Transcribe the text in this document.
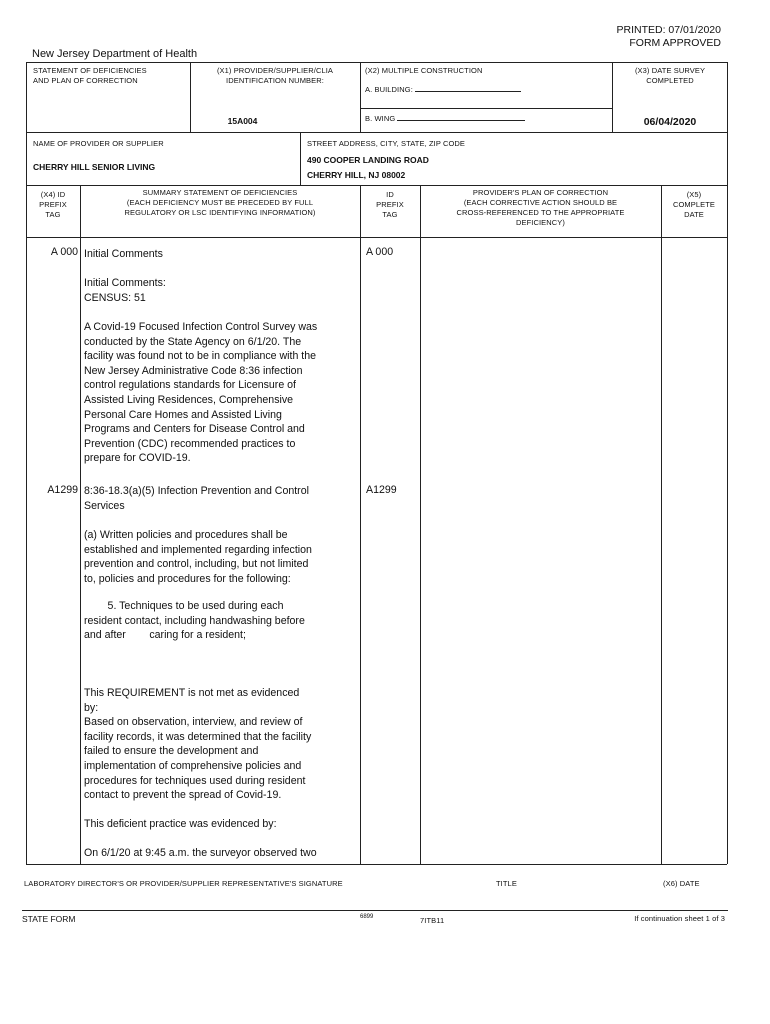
PRINTED: 07/01/2020
FORM APPROVED
New Jersey Department of Health
STATEMENT OF DEFICIENCIES
AND PLAN OF CORRECTION
(X1) PROVIDER/SUPPLIER/CLIA
IDENTIFICATION NUMBER:
15A004
(X2) MULTIPLE CONSTRUCTION
A. BUILDING:
B. WING
(X3) DATE SURVEY
COMPLETED
06/04/2020
NAME OF PROVIDER OR SUPPLIER
CHERRY HILL SENIOR LIVING
STREET ADDRESS, CITY, STATE, ZIP CODE
490 COOPER LANDING ROAD
CHERRY HILL, NJ 08002
(X4) ID
PREFIX
TAG
SUMMARY STATEMENT OF DEFICIENCIES
(EACH DEFICIENCY MUST BE PRECEDED BY FULL
REGULATORY OR LSC IDENTIFYING INFORMATION)
ID
PREFIX
TAG
PROVIDER'S PLAN OF CORRECTION
(EACH CORRECTIVE ACTION SHOULD BE
CROSS-REFERENCED TO THE APPROPRIATE
DEFICIENCY)
(X5)
COMPLETE
DATE
A 000	A 000
Initial Comments
Initial Comments:
CENSUS: 51
A Covid-19 Focused Infection Control Survey was
conducted by the State Agency on 6/1/20. The
facility was found not to be in compliance with the
New Jersey Administrative Code 8:36 infection
control regulations standards for Licensure of
Assisted Living Residences, Comprehensive
Personal Care Homes and Assisted Living
Programs and Centers for Disease Control and
Prevention (CDC) recommended practices to
prepare for COVID-19.
A1299	A1299
8:36-18.3(a)(5) Infection Prevention and Control
Services
(a) Written policies and procedures shall be
established and implemented regarding infection
prevention and control, including, but not limited
to, policies and procedures for the following:
5. Techniques to be used during each
resident contact, including handwashing before
and after        caring for a resident;
This REQUIREMENT is not met as evidenced
by:
Based on observation, interview, and review of
facility records, it was determined that the facility
failed to ensure the development and
implementation of comprehensive policies and
procedures for techniques used during resident
contact to prevent the spread of Covid-19.
This deficient practice was evidenced by:
On 6/1/20 at 9:45 a.m. the surveyor observed two
LABORATORY DIRECTOR'S OR PROVIDER/SUPPLIER REPRESENTATIVE'S SIGNATURE	TITLE	(X6) DATE
STATE FORM	6899	7ITB11	If continuation sheet 1 of 3
